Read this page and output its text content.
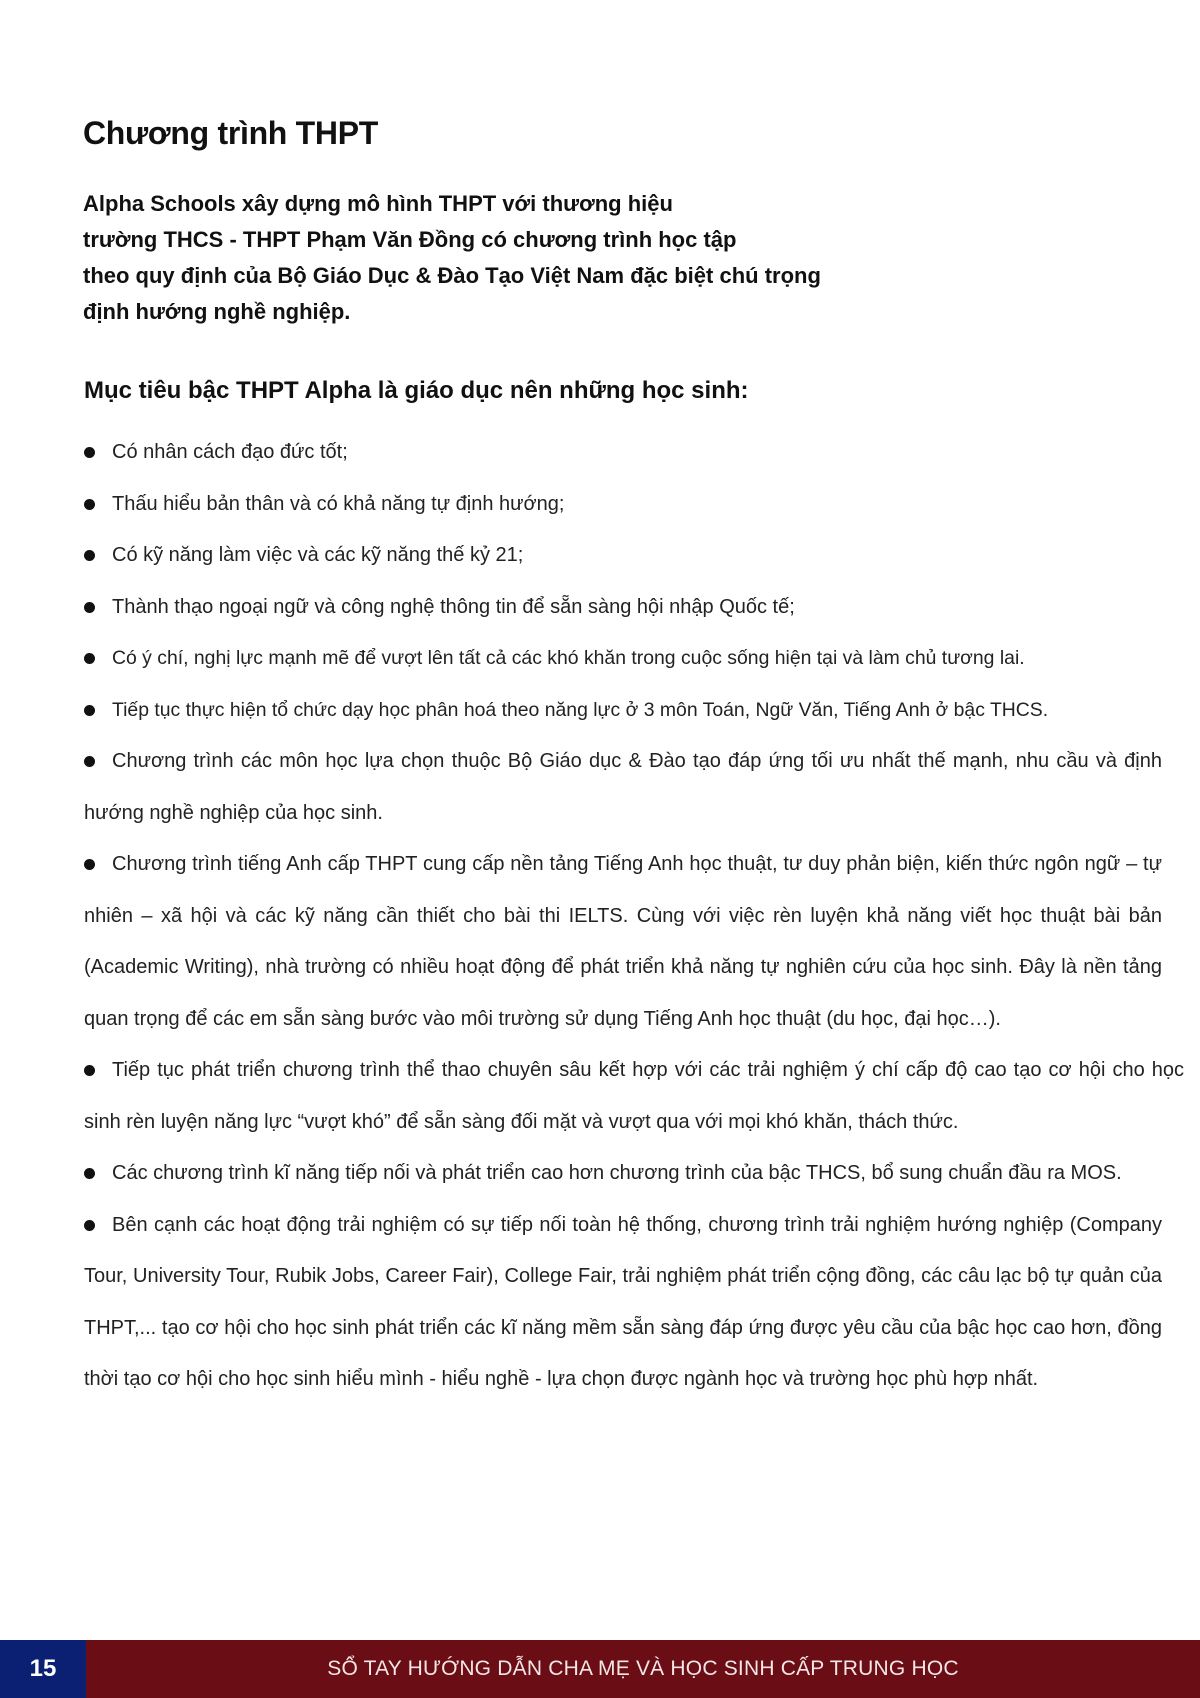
Chương trình THPT
Alpha Schools xây dựng mô hình THPT với thương hiệu
trường THCS - THPT Phạm Văn Đồng có chương trình học tập
theo quy định của Bộ Giáo Dục & Đào Tạo Việt Nam đặc biệt chú trọng
định hướng nghề nghiệp.
Mục tiêu bậc THPT Alpha là giáo dục nên những học sinh:
Có nhân cách đạo đức tốt;
Thấu hiểu bản thân và có khả năng tự định hướng;
Có kỹ năng làm việc và các kỹ năng thế kỷ 21;
Thành thạo ngoại ngữ và công nghệ thông tin để sẵn sàng hội nhập Quốc tế;
Có ý chí, nghị lực mạnh mẽ để vượt lên tất cả các khó khăn trong cuộc sống hiện tại và làm chủ tương lai.
Tiếp tục thực hiện tổ chức dạy học phân hoá theo năng lực ở 3 môn Toán, Ngữ Văn, Tiếng Anh ở bậc THCS.
Chương trình các môn học lựa chọn thuộc Bộ Giáo dục & Đào tạo đáp ứng tối ưu nhất thế mạnh, nhu cầu và định hướng nghề nghiệp của học sinh.
Chương trình tiếng Anh cấp THPT cung cấp nền tảng Tiếng Anh học thuật, tư duy phản biện, kiến thức ngôn ngữ – tự nhiên – xã hội và các kỹ năng cần thiết cho bài thi IELTS. Cùng với việc rèn luyện khả năng viết học thuật bài bản (Academic Writing), nhà trường có nhiều hoạt động để phát triển khả năng tự nghiên cứu của học sinh. Đây là nền tảng quan trọng để các em sẵn sàng bước vào môi trường sử dụng Tiếng Anh học thuật (du học, đại học…).
Tiếp tục phát triển chương trình thể thao chuyên sâu kết hợp với các trải nghiệm ý chí cấp độ cao tạo cơ hội cho học sinh rèn luyện năng lực “vượt khó” để sẵn sàng đối mặt và vượt qua với mọi khó khăn, thách thức.
Các chương trình kĩ năng tiếp nối và phát triển cao hơn chương trình của bậc THCS, bổ sung chuẩn đầu ra MOS.
Bên cạnh các hoạt động trải nghiệm có sự tiếp nối toàn hệ thống, chương trình trải nghiệm hướng nghiệp (Company Tour, University Tour, Rubik Jobs, Career Fair), College Fair, trải nghiệm phát triển cộng đồng, các câu lạc bộ tự quản của THPT,... tạo cơ hội cho học sinh phát triển các kĩ năng mềm sẵn sàng đáp ứng được yêu cầu của bậc học cao hơn, đồng thời tạo cơ hội cho học sinh hiểu mình - hiểu nghề - lựa chọn được ngành học và trường học phù hợp nhất.
15	SỔ TAY HƯỚNG DẪN CHA MẸ VÀ HỌC SINH CẤP TRUNG HỌC
